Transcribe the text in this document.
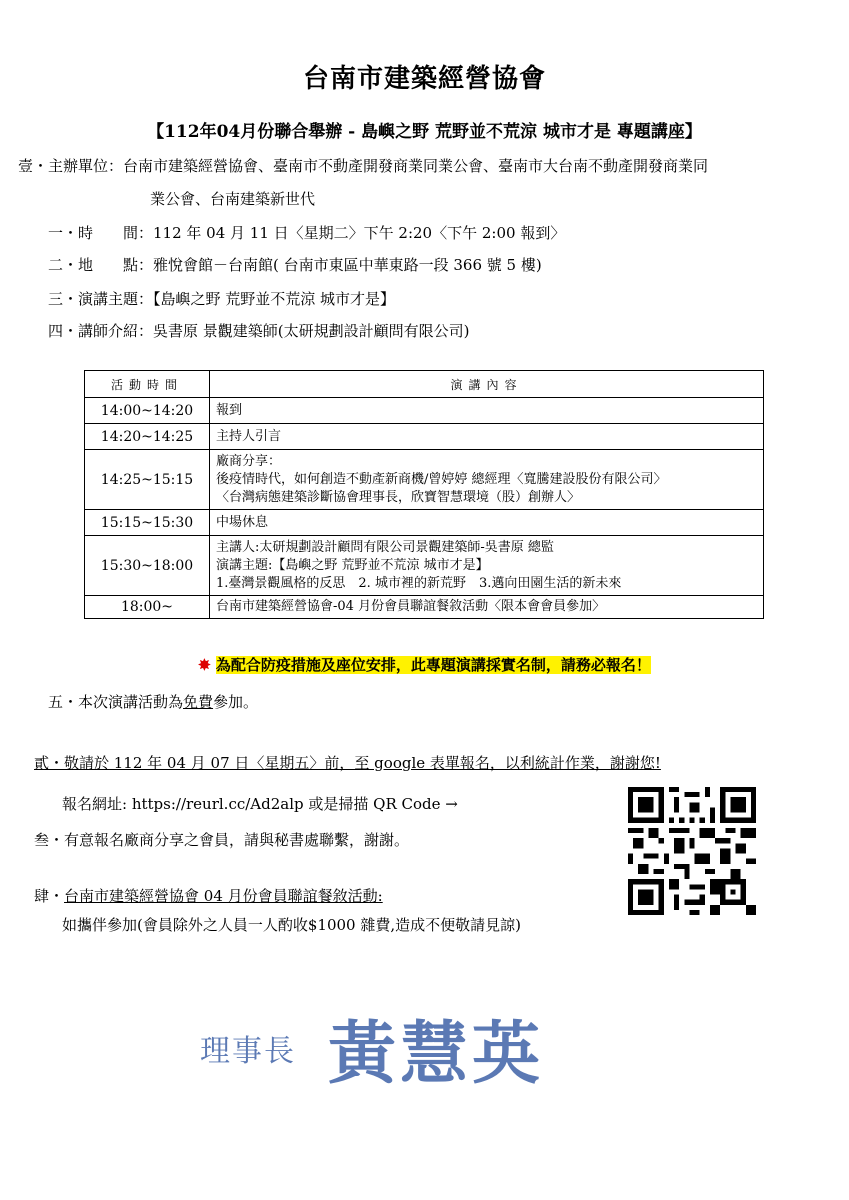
台南市建築經營協會
【112年04月份聯合舉辦 - 島嶼之野 荒野並不荒涼 城市才是 專題講座】
壹・主辦單位：台南市建築經營協會、臺南市不動產開發商業同業公會、臺南市大台南不動產開發商業同
業公會、台南建築新世代
一・時　　間：112 年 04 月 11 日〈星期二〉下午 2:20〈下午 2:00 報到〉
二・地　　點：雅悅會館－台南館( 台南市東區中華東路一段 366 號 5 樓)
三・演講主題：【島嶼之野 荒野並不荒涼 城市才是】
四・講師介紹：吳書原 景觀建築師(太研規劃設計顧問有限公司)
活動時間	演講內容
14:00~14:20	報到

14:20~14:25	主持人引言

14:25~15:15	廠商分享：
後疫情時代，如何創造不動產新商機/曾婷婷 總經理〈寬騰建設股份有限公司〉
〈台灣病態建築診斷協會理事長，欣寶智慧環境（股）創辦人〉

15:15~15:30	中場休息

15:30~18:00	主講人:太研規劃設計顧問有限公司景觀建築師-吳書原 總監
演講主題:【島嶼之野 荒野並不荒涼 城市才是】
1.臺灣景觀風格的反思　2. 城市裡的新荒野　3.邁向田園生活的新未來

18:00~	台南市建築經營協會-04 月份會員聯誼餐敘活動〈限本會會員參加〉
✸ 為配合防疫措施及座位安排，此專題演講採實名制，請務必報名！
五・本次演講活動為免費參加。
貳・敬請於 112 年 04 月 07 日〈星期五〉前，至 google 表單報名，以利統計作業，謝謝您!
報名網址: https://reurl.cc/Ad2alp 或是掃描 QR Code →
叁・有意報名廠商分享之會員，請與秘書處聯繫，謝謝。
肆・台南市建築經營協會 04 月份會員聯誼餐敘活動:
如攜伴參加(會員除外之人員一人酌收$1000 雜費,造成不便敬請見諒)
理事長 黃慧英
